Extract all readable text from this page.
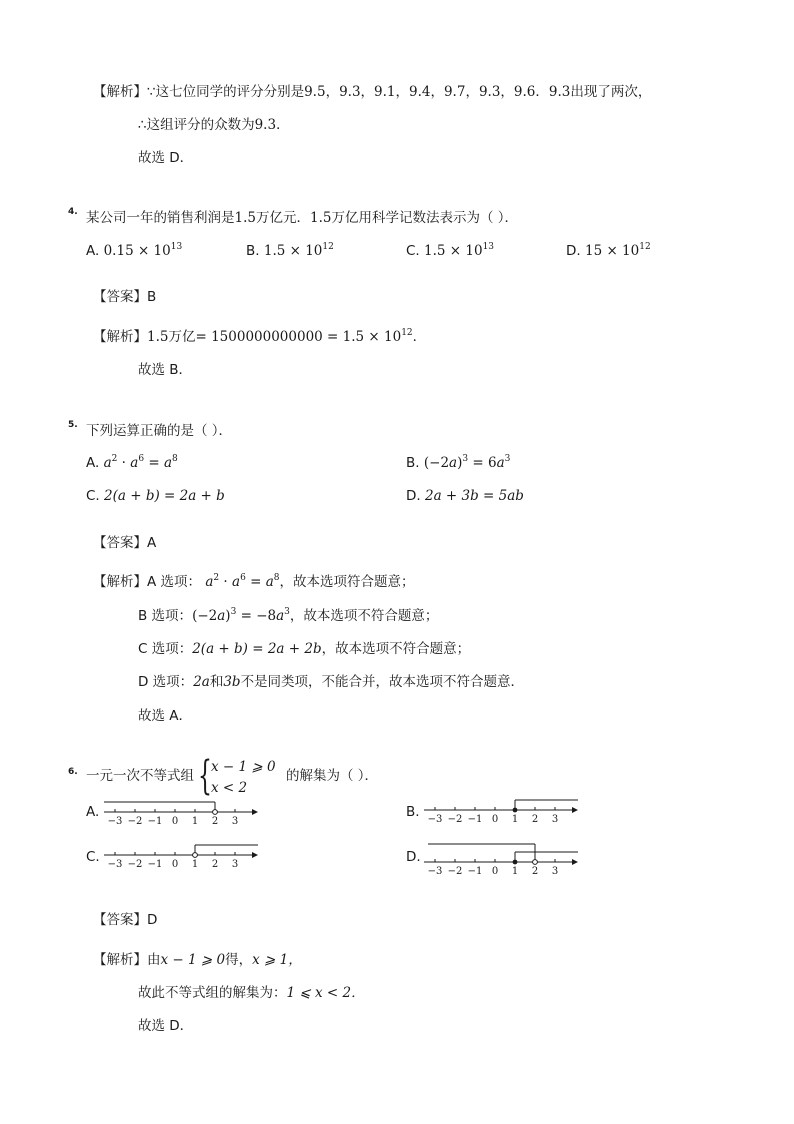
【解析】∵这七位同学的评分分别是9.5，9.3，9.1，9.4，9.7，9.3，9.6．9.3出现了两次，
∴这组评分的众数为9.3．
故选 D．
4. 某公司一年的销售利润是1.5万亿元．1.5万亿用科学记数法表示为（ ）．
A. $0.15 \times 10^{13}$	B. $1.5 \times 10^{12}$	C. $1.5 \times 10^{13}$	D. $15 \times 10^{12}$
【答案】B
【解析】1.5万亿= $1500000000000 = 1.5 \times 10^{12}$．
故选 B．
5. 下列运算正确的是（ ）．
A. $a^2 \cdot a^6 = a^8$	B. $(-2a)^3 = 6a^3$
C. 2(a + b) = 2a + b	D. 2a + 3b = 5ab
【答案】A
【解析】A 选项： $a^2 \cdot a^6 = a^8$，故本选项符合题意；
B 选项：$(-2a)^3 = -8a^3$，故本选项不符合题意；
C 选项：2(a + b) = 2a + 2b，故本选项不符合题意；
D 选项：2a和3b不是同类项，不能合并，故本选项不符合题意．
故选 A．
6. 一元一次不等式组 { x − 1 ⩾ 0
x < 2
的解集为（ ）．
A.	B.
C.	D.
−3 −2 −1 0 1 2 3	−3 −2 −1 0 1 2 3
−3 −2 −1 0 1 2 3
−3 −2 −1 0 1 2 3
【答案】D
【解析】由x − 1 ⩾ 0得，x ⩾ 1，
故此不等式组的解集为：1 ⩽ x < 2．
故选 D．
